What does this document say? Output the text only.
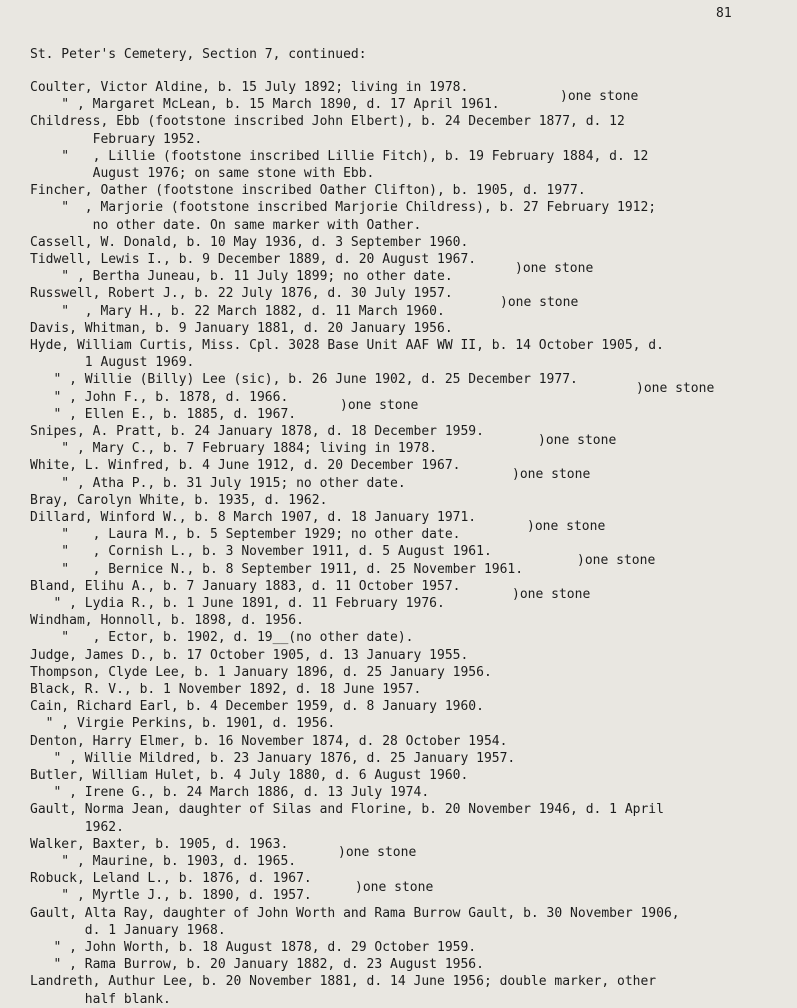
81
St. Peter's Cemetery, Section 7, continued:
Coulter, Victor Aldine, b. 15 July 1892; living in 1978.
" , Margaret McLean, b. 15 March 1890, d. 17 April 1961.
Childress, Ebb (footstone inscribed John Elbert), b. 24 December 1877, d. 12
February 1952.
"   , Lillie (footstone inscribed Lillie Fitch), b. 19 February 1884, d. 12
August 1976; on same stone with Ebb.
Fincher, Oather (footstone inscribed Oather Clifton), b. 1905, d. 1977.
"  , Marjorie (footstone inscribed Marjorie Childress), b. 27 February 1912;
no other date. On same marker with Oather.
Cassell, W. Donald, b. 10 May 1936, d. 3 September 1960.
Tidwell, Lewis I., b. 9 December 1889, d. 20 August 1967.
" , Bertha Juneau, b. 11 July 1899; no other date.
Russwell, Robert J., b. 22 July 1876, d. 30 July 1957.
"  , Mary H., b. 22 March 1882, d. 11 March 1960.
Davis, Whitman, b. 9 January 1881, d. 20 January 1956.
Hyde, William Curtis, Miss. Cpl. 3028 Base Unit AAF WW II, b. 14 October 1905, d.
1 August 1969.
" , Willie (Billy) Lee (sic), b. 26 June 1902, d. 25 December 1977.
" , John F., b. 1878, d. 1966.
" , Ellen E., b. 1885, d. 1967.
Snipes, A. Pratt, b. 24 January 1878, d. 18 December 1959.
" , Mary C., b. 7 February 1884; living in 1978.
White, L. Winfred, b. 4 June 1912, d. 20 December 1967.
" , Atha P., b. 31 July 1915; no other date.
Bray, Carolyn White, b. 1935, d. 1962.
Dillard, Winford W., b. 8 March 1907, d. 18 January 1971.
"   , Laura M., b. 5 September 1929; no other date.
"   , Cornish L., b. 3 November 1911, d. 5 August 1961.
"   , Bernice N., b. 8 September 1911, d. 25 November 1961.
Bland, Elihu A., b. 7 January 1883, d. 11 October 1957.
" , Lydia R., b. 1 June 1891, d. 11 February 1976.
Windham, Honnoll, b. 1898, d. 1956.
"   , Ector, b. 1902, d. 19__(no other date).
Judge, James D., b. 17 October 1905, d. 13 January 1955.
Thompson, Clyde Lee, b. 1 January 1896, d. 25 January 1956.
Black, R. V., b. 1 November 1892, d. 18 June 1957.
Cain, Richard Earl, b. 4 December 1959, d. 8 January 1960.
" , Virgie Perkins, b. 1901, d. 1956.
Denton, Harry Elmer, b. 16 November 1874, d. 28 October 1954.
" , Willie Mildred, b. 23 January 1876, d. 25 January 1957.
Butler, William Hulet, b. 4 July 1880, d. 6 August 1960.
" , Irene G., b. 24 March 1886, d. 13 July 1974.
Gault, Norma Jean, daughter of Silas and Florine, b. 20 November 1946, d. 1 April
1962.
Walker, Baxter, b. 1905, d. 1963.
" , Maurine, b. 1903, d. 1965.
Robuck, Leland L., b. 1876, d. 1967.
" , Myrtle J., b. 1890, d. 1957.
Gault, Alta Ray, daughter of John Worth and Rama Burrow Gault, b. 30 November 1906,
d. 1 January 1968.
" , John Worth, b. 18 August 1878, d. 29 October 1959.
" , Rama Burrow, b. 20 January 1882, d. 23 August 1956.
Landreth, Authur Lee, b. 20 November 1881, d. 14 June 1956; double marker, other
half blank.
)one stone
)one stone
)one stone
)one stone
)one stone
)one stone
)one stone
)one stone
)one stone
)one stone
)one stone
)one stone
